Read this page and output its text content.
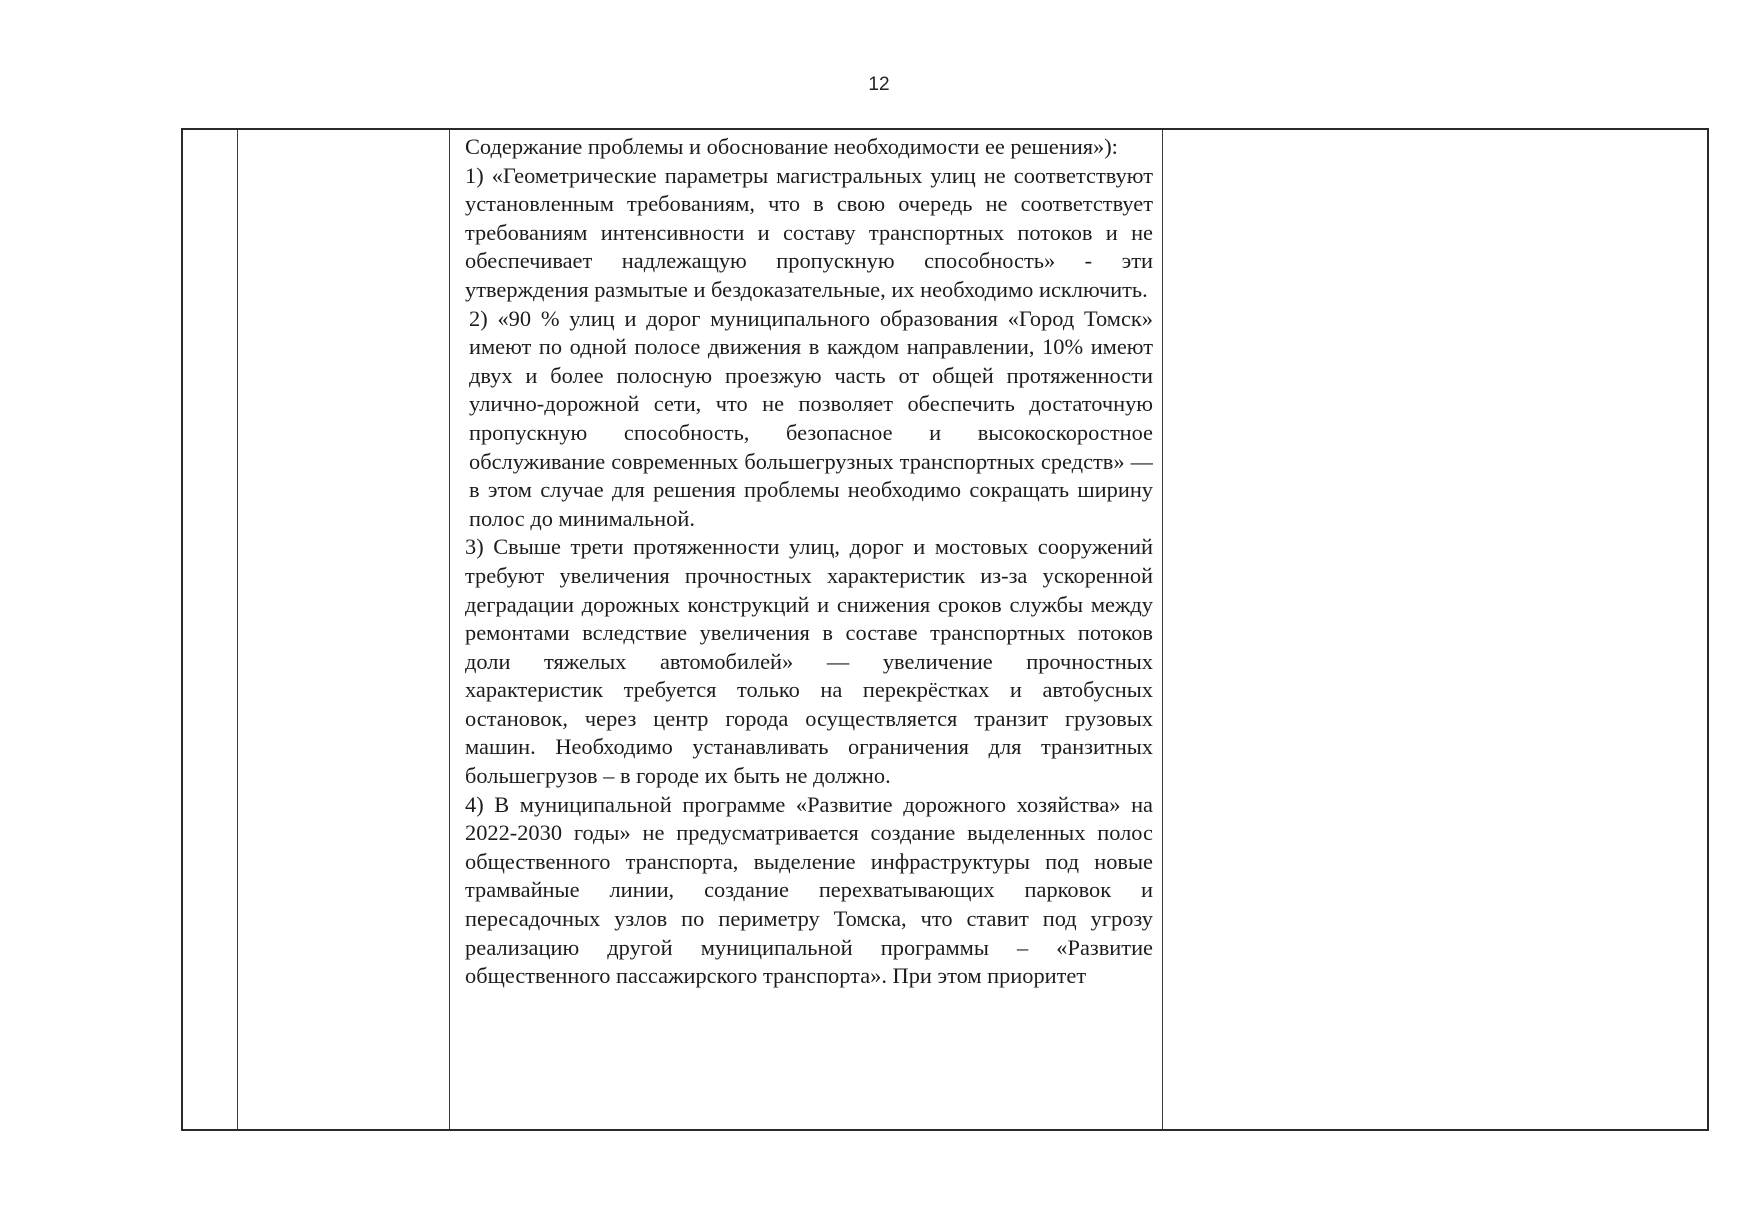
12

Содержание проблемы и обоснование необходимости ее решения»):

1) «Геометрические параметры магистральных улиц не соответствуют установленным требованиям, что в свою очередь не соответствует требованиям интенсивности и составу транспортных потоков и не обеспечивает надлежащую пропускную способность» - эти утверждения размытые и бездоказательные, их необходимо исключить.

2) «90 % улиц и дорог муниципального образования «Город Томск» имеют по одной полосе движения в каждом направлении, 10% имеют двух и более полосную проезжую часть от общей протяженности улично-дорожной сети, что не позволяет обеспечить достаточную пропускную способность, безопасное и высокоскоростное обслуживание современных большегрузных транспортных средств» — в этом случае для решения проблемы необходимо сокращать ширину полос до минимальной.

3) Свыше трети протяженности улиц, дорог и мостовых сооружений требуют увеличения прочностных характеристик из-за ускоренной деградации дорожных конструкций и снижения сроков службы между ремонтами вследствие увеличения в составе транспортных потоков доли тяжелых автомобилей» — увеличение прочностных характеристик требуется только на перекрёстках и автобусных остановок, через центр города осуществляется транзит грузовых машин. Необходимо устанавливать ограничения для транзитных большегрузов – в городе их быть не должно.

4) В муниципальной программе «Развитие дорожного хозяйства» на 2022-2030 годы» не предусматривается создание выделенных полос общественного транспорта, выделение инфраструктуры под новые трамвайные линии, создание перехватывающих парковок и пересадочных узлов по периметру Томска, что ставит под угрозу реализацию другой муниципальной программы – «Развитие общественного пассажирского транспорта». При этом приоритет
